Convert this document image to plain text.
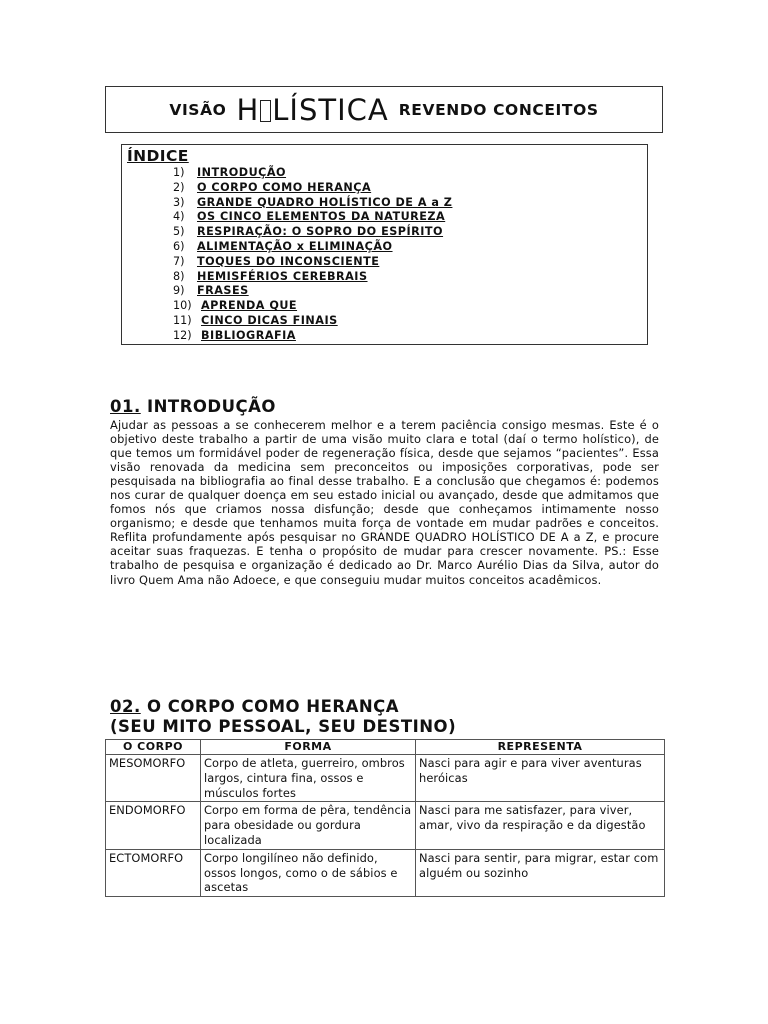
VISÃO H LÍSTICA REVENDO CONCEITOS
ÍNDICE
1) INTRODUÇÃO
2) O CORPO COMO HERANÇA
3) GRANDE QUADRO HOLÍSTICO DE A a Z
4) OS CINCO ELEMENTOS DA NATUREZA
5) RESPIRAÇÃO: O SOPRO DO ESPÍRITO
6) ALIMENTAÇÃO x ELIMINAÇÃO
7) TOQUES DO INCONSCIENTE
8) HEMISFÉRIOS CEREBRAIS
9) FRASES
10) APRENDA QUE
11) CINCO DICAS FINAIS
12) BIBLIOGRAFIA
01. INTRODUÇÃO

Ajudar as pessoas a se conhecerem melhor e a terem paciência consigo mesmas. Este é o objetivo deste trabalho a partir de uma visão muito clara e total (daí o termo holístico), de que temos um formidável poder de regeneração física, desde que sejamos “pacientes”. Essa visão renovada da medicina sem preconceitos ou imposições corporativas, pode ser pesquisada na bibliografia ao final desse trabalho. E a conclusão que chegamos é: podemos nos curar de qualquer doença em seu estado inicial ou avançado, desde que admitamos que fomos nós que criamos nossa disfunção; desde que conheçamos intimamente nosso organismo; e desde que tenhamos muita força de vontade em mudar padrões e conceitos. Reflita profundamente após pesquisar no GRANDE QUADRO HOLÍSTICO DE A a Z, e procure aceitar suas fraquezas. E tenha o propósito de mudar para crescer novamente. PS.: Esse trabalho de pesquisa e organização é dedicado ao Dr. Marco Aurélio Dias da Silva, autor do livro Quem Ama não Adoece, e que conseguiu mudar muitos conceitos acadêmicos.

02. O CORPO COMO HERANÇA
(SEU MITO PESSOAL, SEU DESTINO)
O CORPO	FORMA	REPRESENTA
MESOMORFO	Corpo de atleta, guerreiro, ombros largos, cintura fina, ossos e músculos fortes	Nasci para agir e para viver aventuras heróicas
ENDOMORFO	Corpo em forma de pêra, tendência para obesidade ou gordura localizada	Nasci para me satisfazer, para viver, amar, vivo da respiração e da digestão
ECTOMORFO	Corpo longilíneo não definido, ossos longos, como o de sábios e ascetas	Nasci para sentir, para migrar, estar com alguém ou sozinho
